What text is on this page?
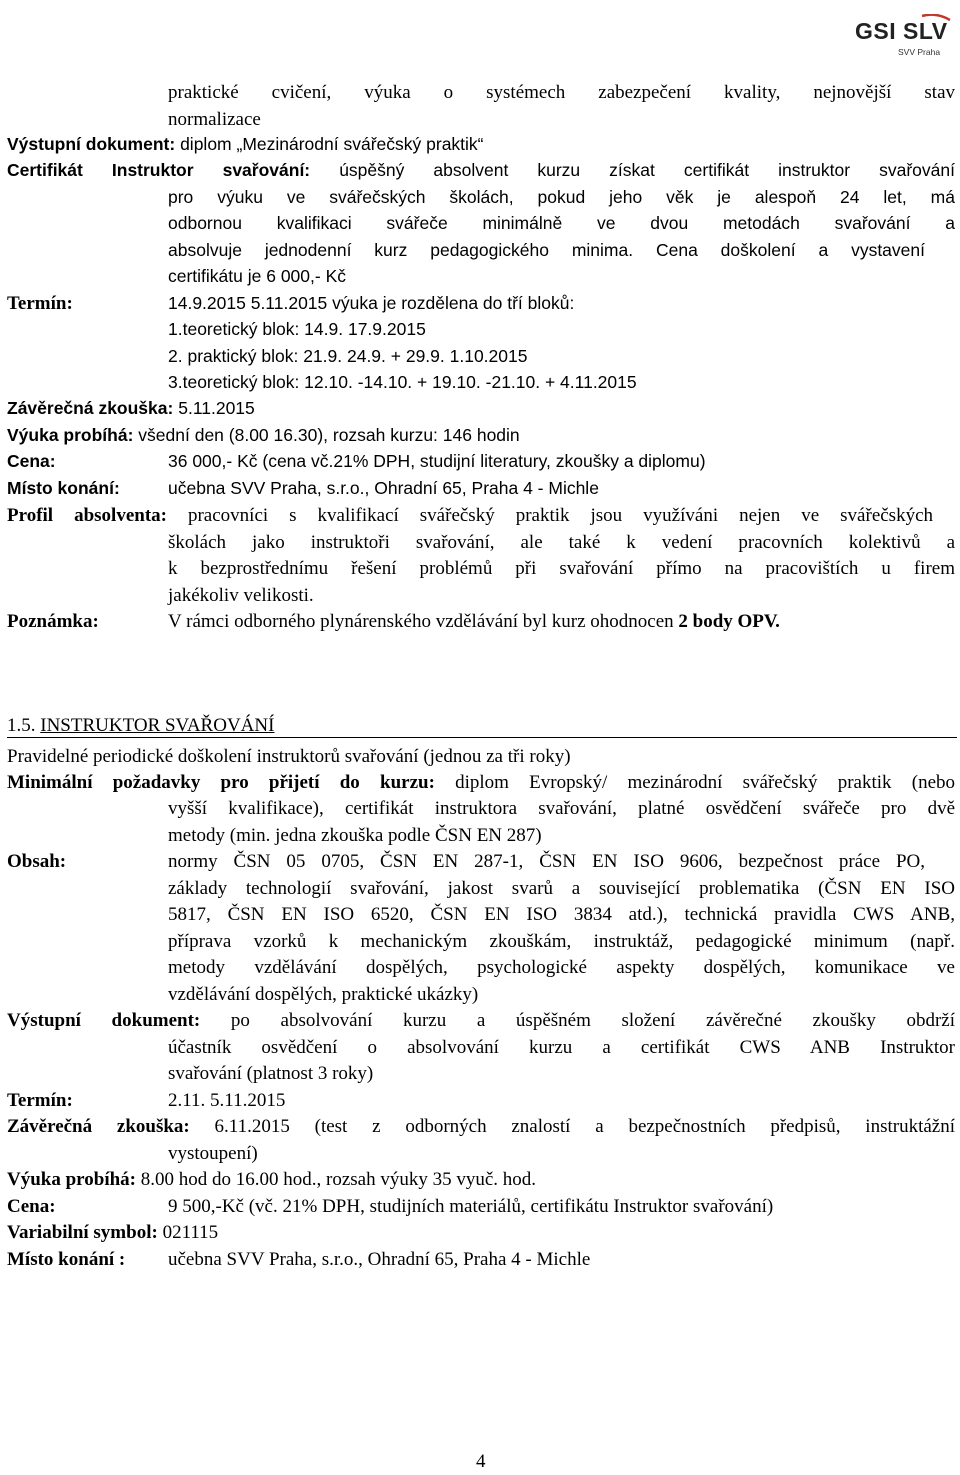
GSI SLV
SVV Praha
praktické cvičení, výuka o systémech zabezpečení kvality, nejnovější stav
normalizace
Výstupní dokument: diplom „Mezinárodní svářečský praktik“
Certifikát Instruktor svařování: úspěšný absolvent kurzu získat certifikát instruktor svařování
pro výuku ve svářečských školách, pokud jeho věk je alespoň 24 let, má
odbornou kvalifikaci svářeče minimálně ve dvou metodách svařování a
absolvuje jednodenní kurz pedagogického minima. Cena doškolení a vystavení
certifikátu je 6 000,- Kč
Termín:	14.9.2015 5.11.2015 výuka je rozdělena do tří bloků:
1.teoretický blok: 14.9. 17.9.2015
2. praktický blok: 21.9. 24.9. + 29.9. 1.10.2015
3.teoretický blok: 12.10. -14.10. + 19.10. -21.10. + 4.11.2015
Závěrečná zkouška: 5.11.2015
Výuka probíhá: všední den (8.00 16.30), rozsah kurzu: 146 hodin
Cena:	36 000,- Kč (cena vč.21% DPH, studijní literatury, zkoušky a diplomu)
Místo konání:	učebna SVV Praha, s.r.o., Ohradní 65, Praha 4 - Michle
Profil absolventa: pracovníci s kvalifikací svářečský praktik jsou využíváni nejen ve svářečských
školách jako instruktoři svařování, ale také k vedení pracovních kolektivů a
k bezprostřednímu řešení problémů při svařování přímo na pracovištích u firem
jakékoliv velikosti.
Poznámka:	V rámci odborného plynárenského vzdělávání byl kurz ohodnocen 2 body OPV.
1.5. INSTRUKTOR SVAŘOVÁNÍ
Pravidelné periodické doškolení instruktorů svařování (jednou za tři roky)
Minimální požadavky pro přijetí do kurzu: diplom Evropský/ mezinárodní svářečský praktik (nebo
vyšší kvalifikace), certifikát instruktora svařování, platné osvědčení svářeče pro dvě
metody (min. jedna zkouška podle ČSN EN 287)
Obsah:	normy ČSN 05 0705, ČSN EN 287-1, ČSN EN ISO 9606, bezpečnost práce PO,
základy technologií svařování, jakost svarů a související problematika (ČSN EN ISO
5817, ČSN EN ISO 6520, ČSN EN ISO 3834 atd.), technická pravidla CWS ANB,
příprava vzorků k mechanickým zkouškám, instruktáž, pedagogické minimum (např.
metody vzdělávání dospělých, psychologické aspekty dospělých, komunikace ve
vzdělávání dospělých, praktické ukázky)
Výstupní dokument: po absolvování kurzu a úspěšném složení závěrečné zkoušky obdrží
účastník osvědčení o absolvování kurzu a certifikát CWS ANB Instruktor
svařování (platnost 3 roky)
Termín:	2.11. 5.11.2015
Závěrečná zkouška: 6.11.2015 (test z odborných znalostí a bezpečnostních předpisů, instruktážní
vystoupení)
Výuka probíhá: 8.00 hod do 16.00 hod., rozsah výuky 35 vyuč. hod.
Cena:	9 500,-Kč (vč. 21% DPH, studijních materiálů, certifikátu Instruktor svařování)
Variabilní symbol: 021115
Místo konání : učebna SVV Praha, s.r.o., Ohradní 65, Praha 4 - Michle
4
